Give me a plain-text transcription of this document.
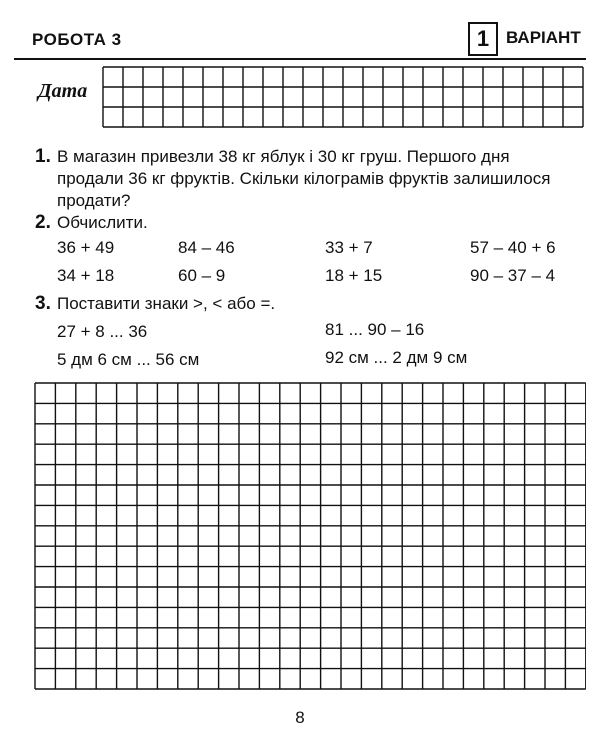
РОБОТА 3	1 ВАРІАНТ
Дата
1. В магазин привезли 38 кг яблук і 30 кг груш. Першого дня
продали 36 кг фруктів. Скільки кілограмів фруктів залишилося
продати?
2. Обчислити.
36 + 49	84 – 46	33 + 7	57 – 40 + 6
34 + 18	60 – 9	18 + 15	90 – 37 – 4
3. Поставити знаки >, < або =.
27 + 8 ... 36	81 ... 90 – 16
5 дм 6 см ... 56 см	92 см ... 2 дм 9 см
8
